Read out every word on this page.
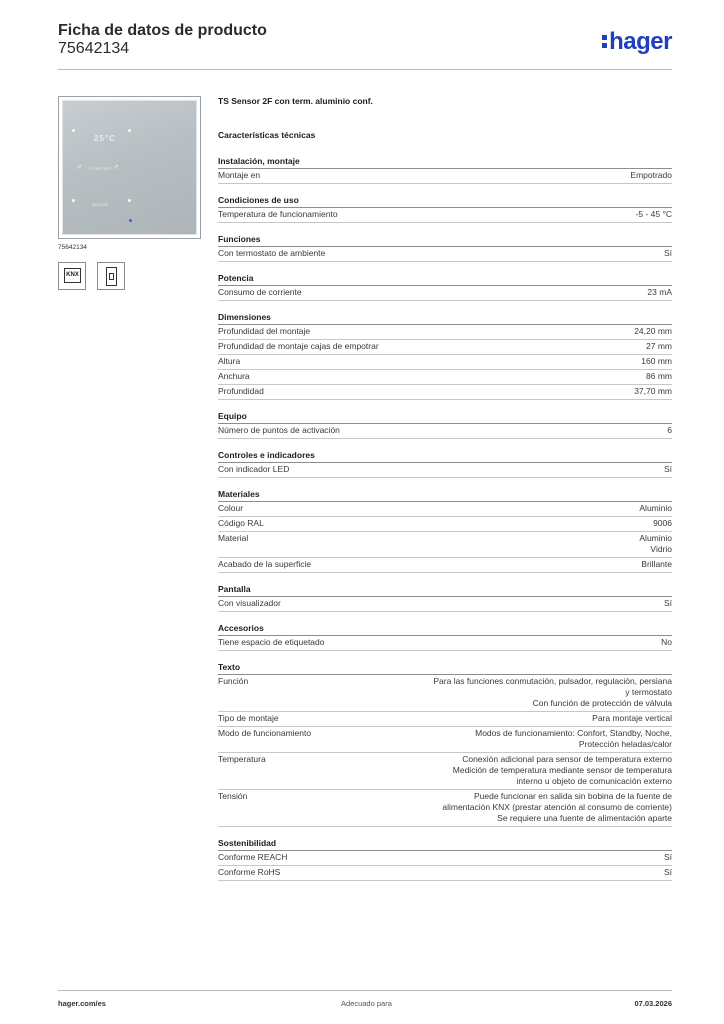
Ficha de datos de producto
75642134	hager
25°C
➚	➚
CONFORT
NOCHE
75642134
KNX
TS Sensor 2F con term. aluminio conf.
Características técnicas
Instalación, montaje
Montaje en	Empotrado
Condiciones de uso
Temperatura de funcionamiento	-5 - 45 °C
Funciones
Con termostato de ambiente	Sí
Potencia
Consumo de corriente	23 mA
Dimensiones
Profundidad del montaje	24,20 mm
Profundidad de montaje cajas de empotrar	27 mm
Altura	160 mm
Anchura	86 mm
Profundidad	37,70 mm
Equipo
Número de puntos de activación	6
Controles e indicadores
Con indicador LED	Sí
Materiales
Colour	Aluminio
Código RAL	9006
Material	Aluminio
Vidrio
Acabado de la superficie	Brillante
Pantalla
Con visualizador	Sí
Accesorios
Tiene espacio de etiquetado	No
Texto
Función	Para las funciones conmutación, pulsador, regulación, persiana
y termostato
Con función de protección de válvula
Tipo de montaje	Para montaje vertical
Modo de funcionamiento	Modos de funcionamiento: Confort, Standby, Noche,
Protección heladas/calor
Temperatura	Conexión adicional para sensor de temperatura externo
Medición de temperatura mediante sensor de temperatura
interno u objeto de comunicación externo
Tensión	Puede funcionar en salida sin bobina de la fuente de
alimentación KNX (prestar atención al consumo de corriente)
Se requiere una fuente de alimentación aparte
Sostenibilidad
Conforme REACH	Sí
Conforme RoHS	Sí
hager.com/es	Adecuado para	07.03.2026
